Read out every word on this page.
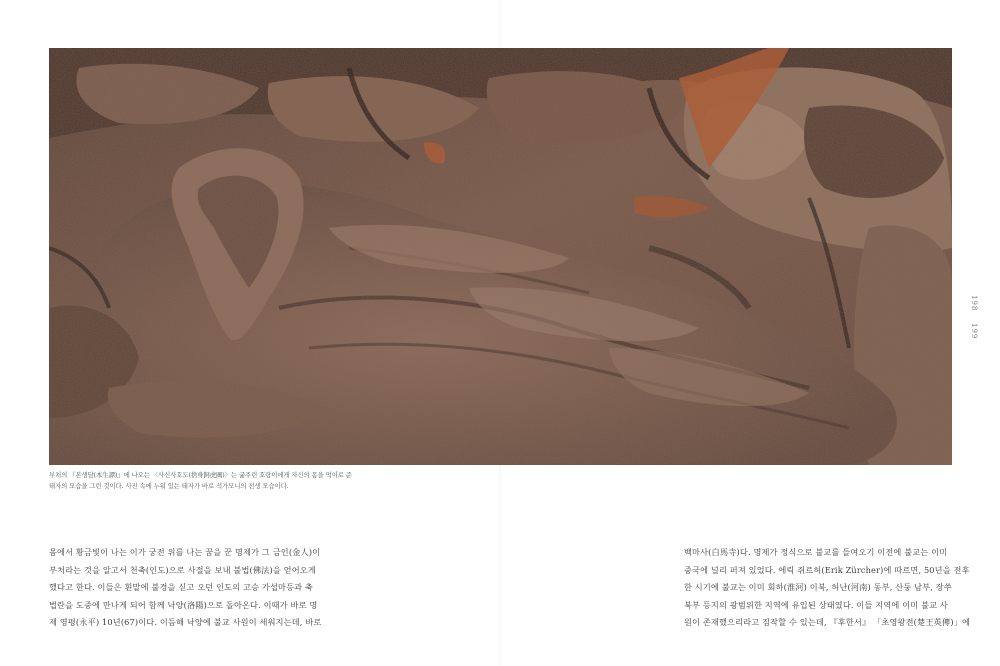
부처의 『본생담(本生譚)』에 나오는 〈사신사호도(捨身飼虎圖)〉는 굶주린 호랑이에게 자신의 몸을 먹이로 준

태자의 모습을 그린 것이다. 사진 속에 누워 있는 태자가 바로 석가모니의 전생 모습이다.

198 199

몸에서 황금빛이 나는 이가 궁전 위를 나는 꿈을 꾼 명제가 그 금인(金人)이

부처라는 것을 알고서 천축(인도)으로 사절을 보내 불법(佛法)을 얻어오게

했다고 한다. 이들은 흰말에 불경을 싣고 오던 인도의 고승 가섭마등과 축

법란을 도중에 만나게 되어 함께 낙양(洛陽)으로 돌아온다. 이때가 바로 명

제 영평(永平) 10년(67)이다. 이듬해 낙양에 불교 사원이 세워지는데, 바로

백마사(白馬寺)다. 명제가 정식으로 불교를 들여오기 이전에 불교는 이미

중국에 널리 퍼져 있었다. 에릭 쥐르허(Erik Zürcher)에 따르면, 50년을 전후

한 시기에 불교는 이미 회하(淮河) 이북, 허난(河南) 동부, 산둥 남부, 장쑤

북부 등지의 광범위한 지역에 유입된 상태였다. 이들 지역에 이미 불교 사

원이 존재했으리라고 짐작할 수 있는데, 『후한서』 「초영왕전(楚王英傳)」에
